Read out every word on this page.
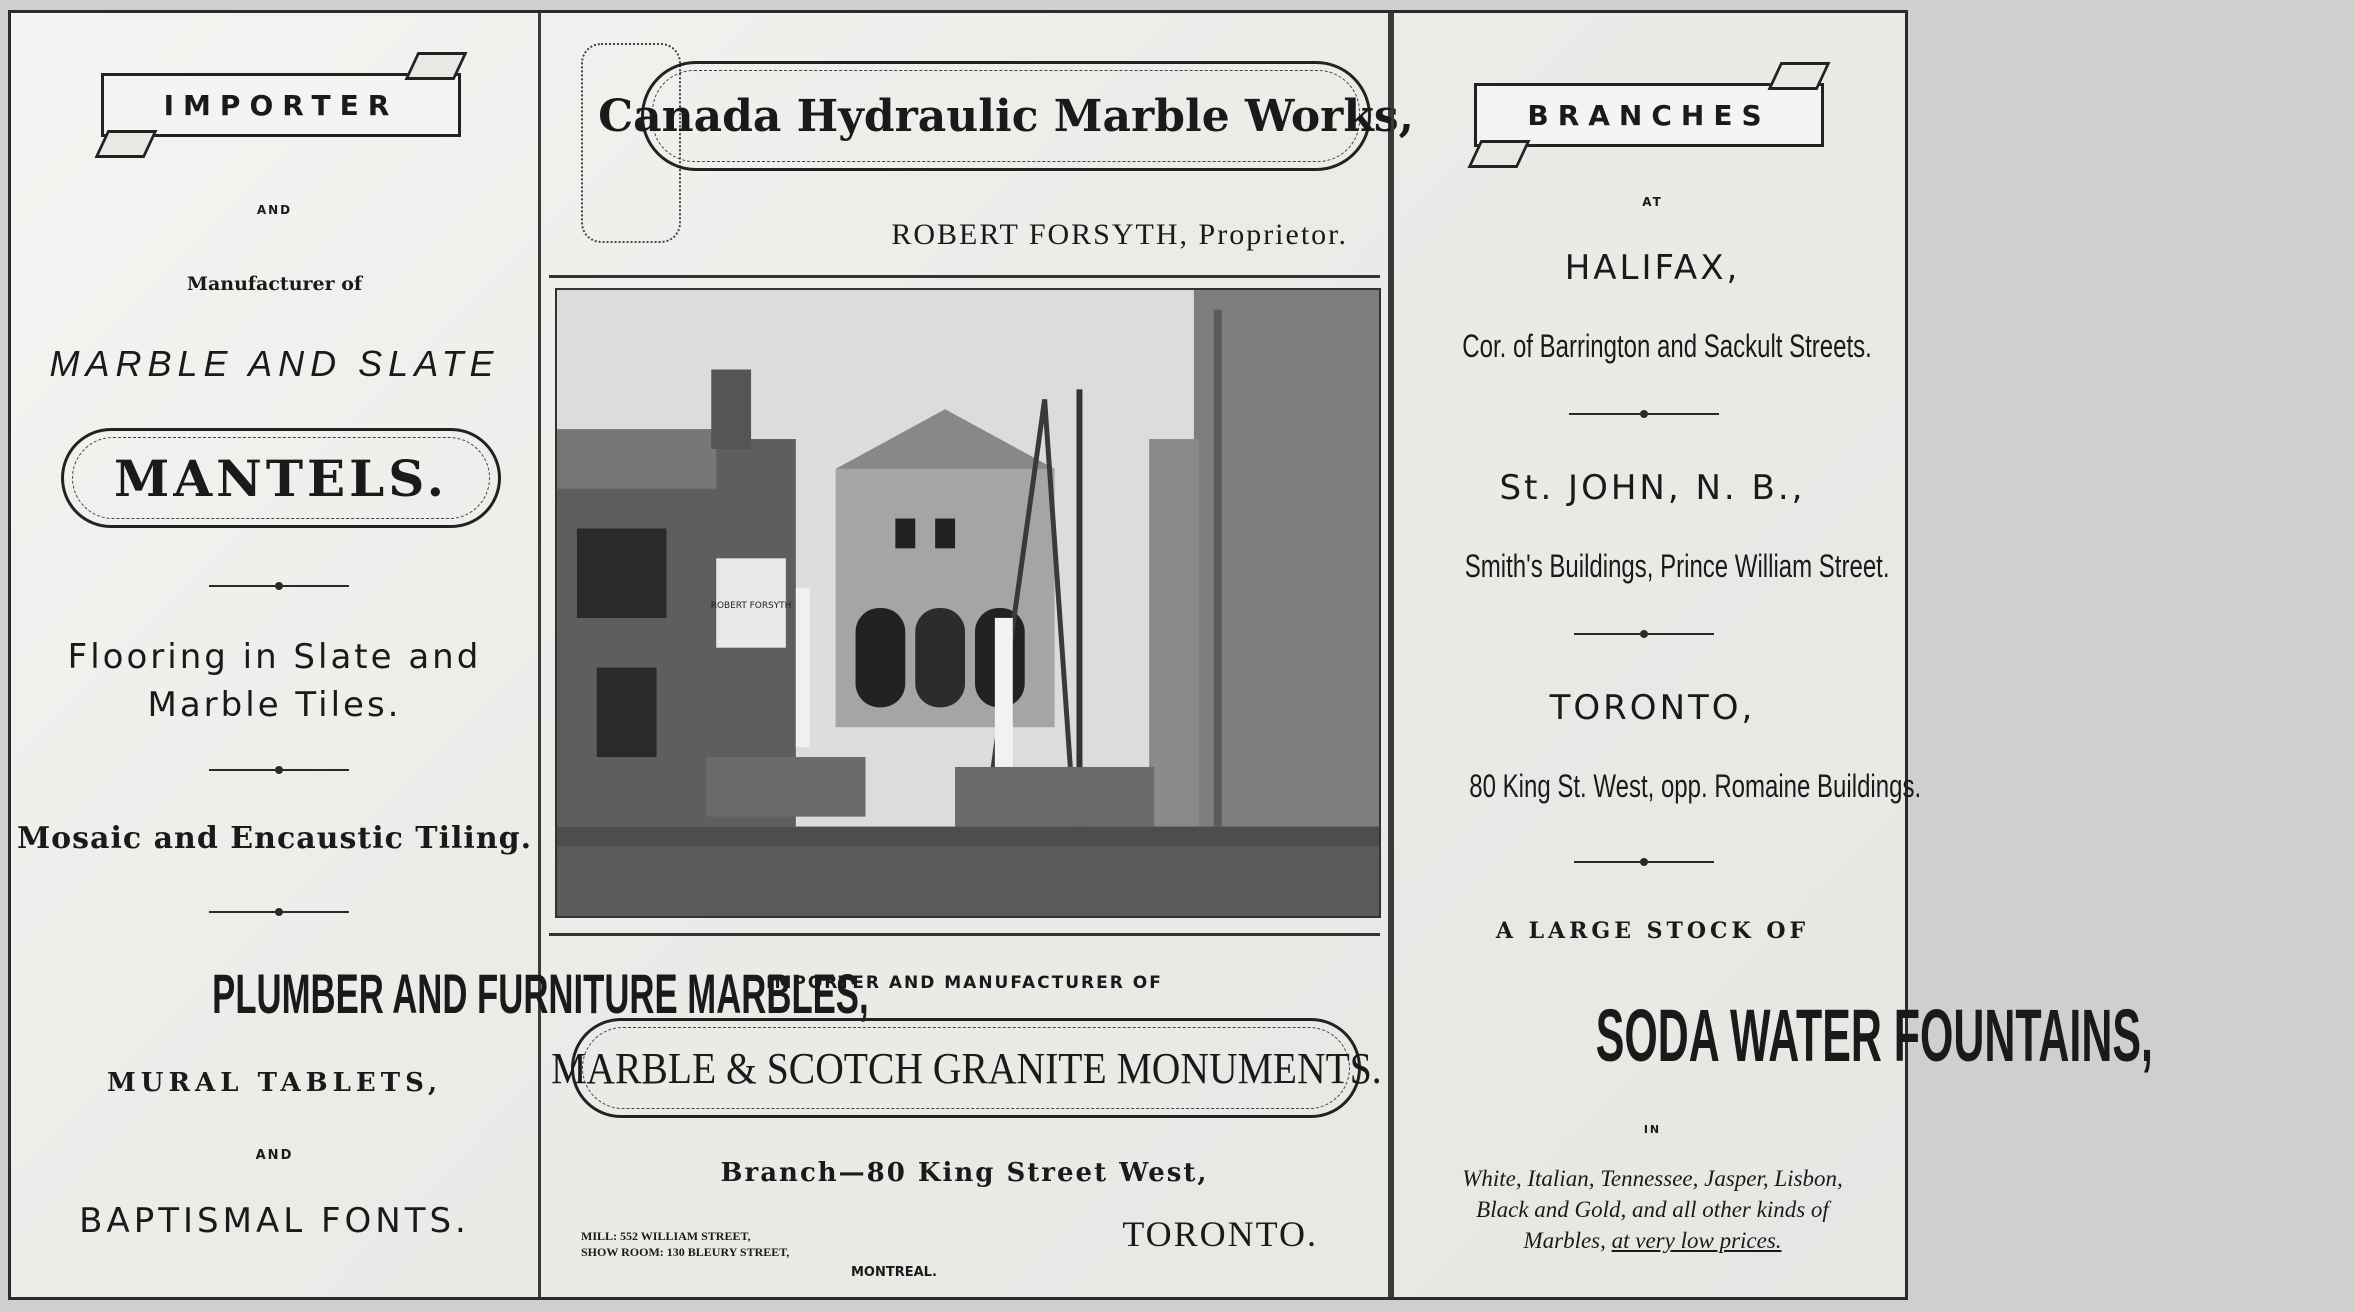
IMPORTER
AND
Manufacturer of
MARBLE AND SLATE
MANTELS.
Flooring in Slate and
Marble Tiles.
Mosaic and Encaustic Tiling.
PLUMBER AND FURNITURE MARBLES,
MURAL TABLETS,
AND
BAPTISMAL FONTS.
Canada Hydraulic Marble Works,
ROBERT FORSYTH, Proprietor.
ROBERT FORSYTH
IMPORTER AND MANUFACTURER OF
MARBLE & SCOTCH GRANITE MONUMENTS.
Branch—80 King Street West,
TORONTO.
MILL: 552 WILLIAM STREET,
SHOW ROOM: 130 BLEURY STREET,
MONTREAL.
BRANCHES
AT
HALIFAX,
Cor. of Barrington and Sackult Streets.
St. JOHN, N. B.,
Smith's Buildings, Prince William Street.
TORONTO,
80 King St. West, opp. Romaine Buildings.
A LARGE STOCK OF
SODA WATER FOUNTAINS,
IN
White, Italian, Tennessee, Jasper, Lisbon,
Black and Gold, and all other kinds of
Marbles, at very low prices.
